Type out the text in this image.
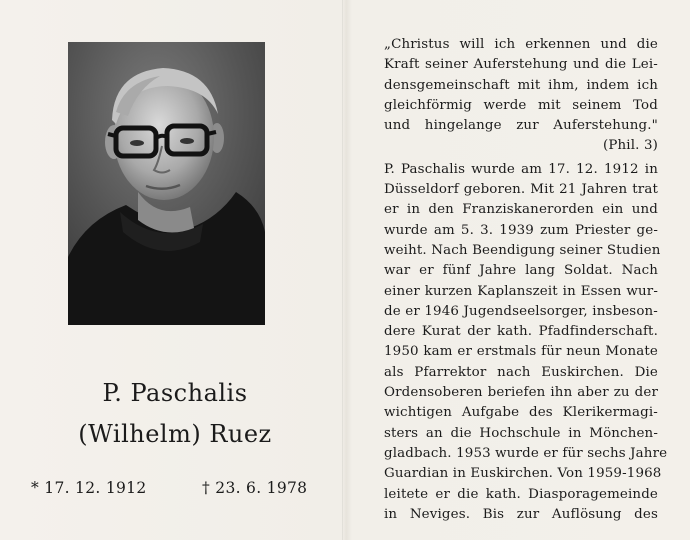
P. Paschalis
(Wilhelm) Ruez
* 17. 12. 1912	† 23. 6. 1978
„Christus will ich erkennen und die
Kraft seiner Auferstehung und die Lei-
densgemeinschaft mit ihm, indem ich
gleichförmig werde mit seinem Tod
und hingelange zur Auferstehung."
(Phil. 3)
P. Paschalis wurde am 17. 12. 1912 in
Düsseldorf geboren. Mit 21 Jahren trat
er in den Franziskanerorden ein und
wurde am 5. 3. 1939 zum Priester ge-
weiht. Nach Beendigung seiner Studien
war er fünf Jahre lang Soldat. Nach
einer kurzen Kaplanszeit in Essen wur-
de er 1946 Jugendseelsorger, insbeson-
dere Kurat der kath. Pfadfinderschaft.
1950 kam er erstmals für neun Monate
als Pfarrektor nach Euskirchen. Die
Ordensoberen beriefen ihn aber zu der
wichtigen Aufgabe des Klerikermagi-
sters an die Hochschule in Mönchen-
gladbach. 1953 wurde er für sechs Jahre
Guardian in Euskirchen. Von 1959-1968
leitete er die kath. Diasporagemeinde
in Neviges. Bis zur Auflösung des
